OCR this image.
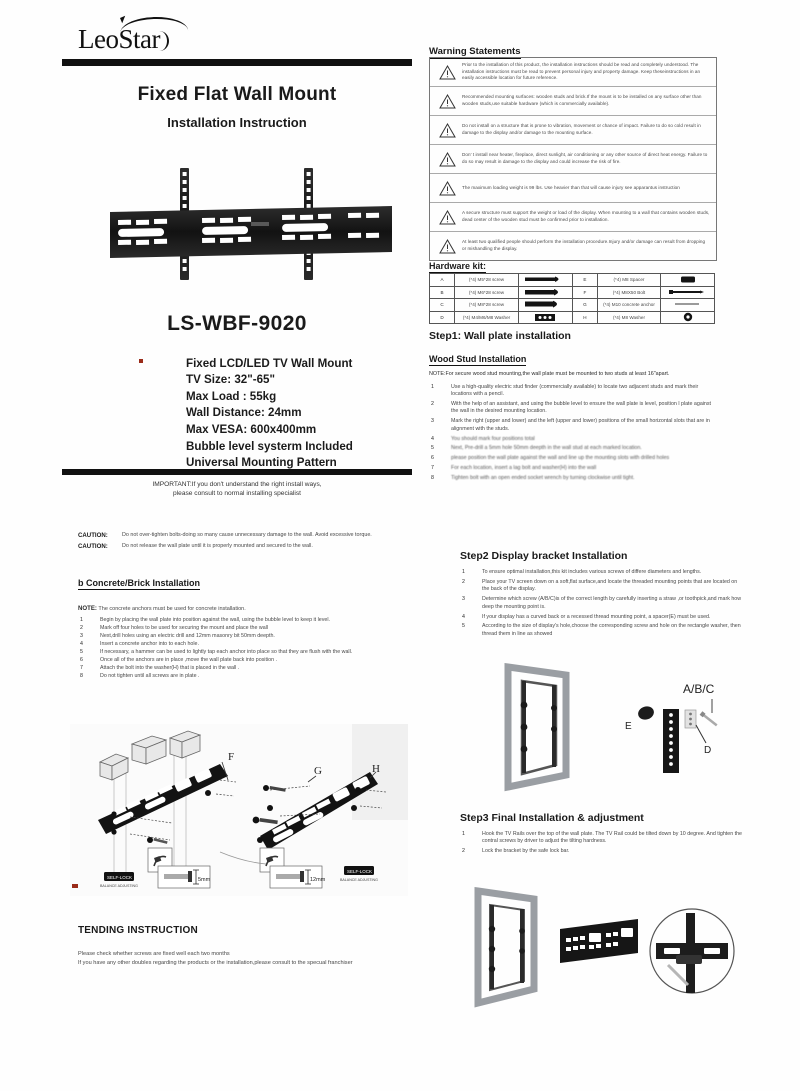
LeoStar
Fixed Flat Wall Mount
Installation Instruction
LS-WBF-9020
Fixed LCD/LED TV Wall Mount
TV Size: 32"-65"
Max Load : 55kg
Wall Distance: 24mm
Max VESA: 600x400mm
Bubble level systerm Included
Universal Mounting Pattern
IMPORTANT:If you don't understand the right install ways,
please consult to normal installing specialist
Warning Statements
Prior to the installation of this product, the installation instructions should be read and completely understood. The installation instructions must be read to prevent personal injury and property damage. Keep theseinstructions in an easily accessible location for future reference.
Recommended mounting surfaces: wooden studs and brick.If the mount is to be installed on any surface other than wooden studs,use suitable hardware (which is commercially available).
Do not install on a structure that is prone to vibration, movement or chance of impact. Failure to do so cold result in damage to the display and/or damage to the mounting surface.
Don' t install near heater, fireplace, direct sunlight, air conditioning or any other source of direct heat energy. Failure to do so may result in damage to the display and could increase the risk of fire.
The maximum loading weight is 99 lbs. Use heavier than that will cause injury see apparantus instruction
A secure structure must support the weight or load of the display. When mounting to a wall that contains wooden studs, dead center of the wooden stud must be confirmed prior to installation.
At least two qualified people should perform the installation procedure.Injury and/or damage can result from dropping or mishandling the display.
Hardware kit:
A	(*4) M5*28 screw		E	(*4) M8 Spacer	
B	(*4) M6*28 screw		F	(*4) M8X50 Bolt	
C	(*4) M8*28 screw		G	(*4) M10 concrete anchor	
D	(*4) M4/M6/M8 Washer		H	(*4) M8 Washer	
Step1: Wall plate installation
Wood Stud Installation
NOTE:For secure wood stud mounting,the wall plate must be mounted to two studs at least 16"apart.
1	Use a high-quality electric stud finder (commercially available) to locate two adjacent studs and mark their locations with a pencil.
2	With the help of an assistant, and using the bubble level to ensure the wall plate is level, position l plate against the wall in the desired mounting location.
3	Mark the right (upper and lower) and the left (upper and lower) positions of the small horizontal slots that are in alignment with the studs.
4	You should mark four positions total
5	Next, Pre-drill a 5mm hole 50mm deepth in the wall stud at each marked location.
6	please position the wall plate against the wall and line up the mounting slots with drilled holes
7	For each location, insert a lag bolt and washer(H) into the wall
8	Tighten bolt with an open ended socket wrench by turning clockwise until tight.
CAUTION:	Do not over-tighten bolts-doing so many cause unnecessary damage to the wall. Avoid excessive torque.
CAUTION:	Do not release the wall plate until it is properly mounted and secured to the wall.
b Concrete/Brick Installation
NOTE: The concrete anchors must be used for concrete installation.
1	Begin by placing the wall plate into position against the wall, using the bubble level to keep it level.
2	Mark off four holes to be used for securing the mount and place the wall
3	Next,drill holes using an electric drill and 12mm masonry bit 50mm deepth.
4	Insert a concrete anchor into to each hole.
5	If necessary, a hammer can be used to lightly tap each anchor into place so that they are flush with the wall.
6	Once all of the anchors are in place ,move the wall plate back into position .
7	Attach the bolt into the washer(H) that is placed in the wall .
8	Do not tighten until all screws are in plate .
Step2 Display bracket Installation
1	To ensure optimal installation,this kit includes various screws of differe diameters and lengths.
2	Place your TV screen down on a soft,flat surface,and locate the threaded mounting points that are located on the back of the display.
3	Determine which screw (A/B/C)is of the correct length by carefully inserting a straw ,or toothpick,and mark how deep the mounting point is.
4	If your display has a curved back or a recessed thread mounting point, a spacer(E) must be used.
5	According to the size of display's hole,choose the corresponding screw and hole on the rectangle washer, then thread them in line as showed
E
D
A/B/C
Step3 Final Installation & adjustment
1	Hook the TV Rails over the top of the wall plate. The TV Rail could be tilted down by 10 degree. And tighten the contral screws by driver to adjust the tilting hardness.
2	Lock the bracket by the safe lock bar.
F
G	H
5mm	12mm
SELF-LOCK
BALANCE ADJUSTING
SELF-LOCK
BALANCE ADJUSTING
TENDING INSTRUCTION
Please check whether screws are fixed well each two months
If you have any other doubles regarding the products or the installation,please consult to the specual franchiser
